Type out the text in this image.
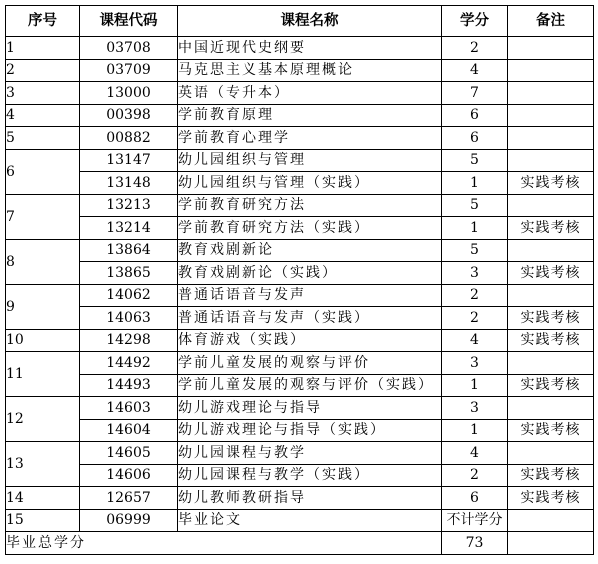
序号	课程代码	课程名称	学分	备注
1	03708	中国近现代史纲要	2	
2	03709	马克思主义基本原理概论	4	
3	13000	英语（专升本）	7	
4	00398	学前教育原理	6	
5	00882	学前教育心理学	6	
6	13147	幼儿园组织与管理	5	
	13148	幼儿园组织与管理（实践）	1	实践考核
7	13213	学前教育研究方法	5	
	13214	学前教育研究方法（实践）	1	实践考核
8	13864	教育戏剧新论	5	
	13865	教育戏剧新论（实践）	3	实践考核
9	14062	普通话语音与发声	2	
	14063	普通话语音与发声（实践）	2	实践考核
10	14298	体育游戏（实践）	4	实践考核
11	14492	学前儿童发展的观察与评价	3	
	14493	学前儿童发展的观察与评价（实践）	1	实践考核
12	14603	幼儿游戏理论与指导	3	
	14604	幼儿游戏理论与指导（实践）	1	实践考核
13	14605	幼儿园课程与教学	4	
	14606	幼儿园课程与教学（实践）	2	实践考核
14	12657	幼儿教师教研指导	6	实践考核
15	06999	毕业论文	不计学分	
毕业总学分			73	
